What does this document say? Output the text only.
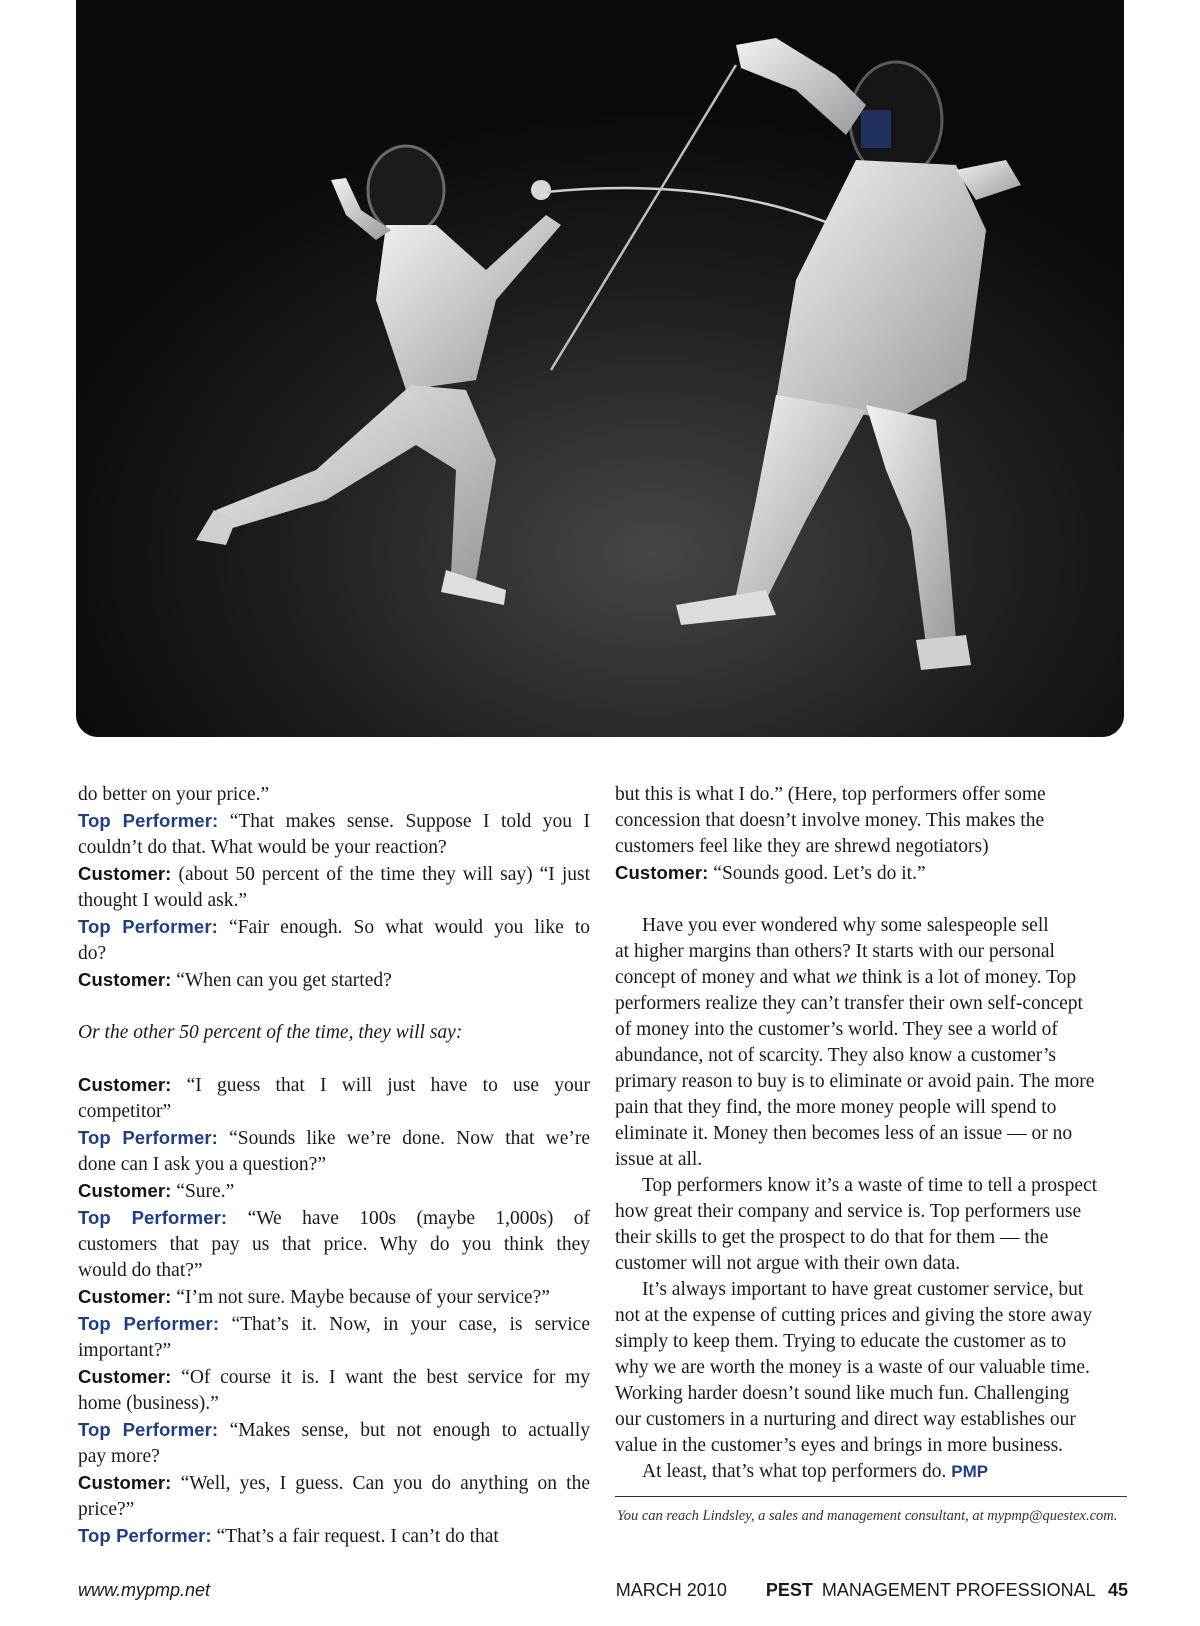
do better on your price.”
Top Performer: “That makes sense. Suppose I told you I
couldn’t do that. What would be your reaction?
Customer: (about 50 percent of the time they will say) “I just
thought I would ask.”
Top Performer: “Fair enough. So what would you like to
do?
Customer: “When can you get started?
Or the other 50 percent of the time, they will say:
Customer: “I guess that I will just have to use your
competitor”
Top Performer: “Sounds like we’re done. Now that we’re
done can I ask you a question?”
Customer: “Sure.”
Top Performer: “We have 100s (maybe 1,000s) of
customers that pay us that price. Why do you think they
would do that?”
Customer: “I’m not sure. Maybe because of your service?”
Top Performer: “That’s it. Now, in your case, is service
important?”
Customer: “Of course it is. I want the best service for my
home (business).”
Top Performer: “Makes sense, but not enough to actually
pay more?
Customer: “Well, yes, I guess. Can you do anything on the
price?”
Top Performer: “That’s a fair request. I can’t do that
but this is what I do.” (Here, top performers offer some
concession that doesn’t involve money. This makes the
customers feel like they are shrewd negotiators)
Customer: “Sounds good. Let’s do it.”
Have you ever wondered why some salespeople sell
at higher margins than others? It starts with our personal
concept of money and what we think is a lot of money. Top
performers realize they can’t transfer their own self-concept
of money into the customer’s world. They see a world of
abundance, not of scarcity. They also know a customer’s
primary reason to buy is to eliminate or avoid pain. The more
pain that they find, the more money people will spend to
eliminate it. Money then becomes less of an issue — or no
issue at all.
Top performers know it’s a waste of time to tell a prospect
how great their company and service is. Top performers use
their skills to get the prospect to do that for them — the
customer will not argue with their own data.
It’s always important to have great customer service, but
not at the expense of cutting prices and giving the store away
simply to keep them. Trying to educate the customer as to
why we are worth the money is a waste of our valuable time.
Working harder doesn’t sound like much fun. Challenging
our customers in a nurturing and direct way establishes our
value in the customer’s eyes and brings in more business.
At least, that’s what top performers do. PMP
You can reach Lindsley, a sales and management consultant, at mypmp@questex.com.
www.mypmp.net	MARCH 2010 PEST MANAGEMENT PROFESSIONAL 45
